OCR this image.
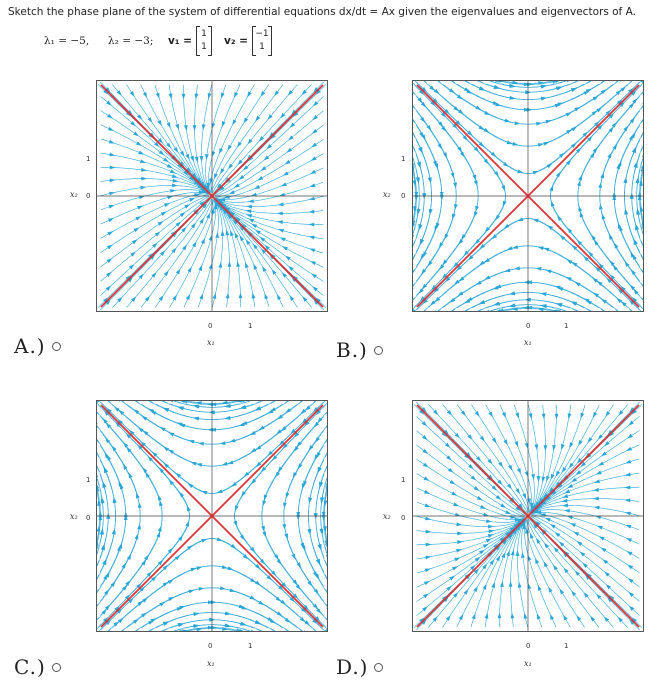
Sketch the phase plane of the system of differential equations dx/dt = Ax given the eigenvalues and eigenvectors of A.
λ₁ = −5, λ₂ = −3; v₁ =
1
1	v₂ =
−1
1
1
x₂ 0
0	1
x₁
1
x₂ 0
0	1
x₁
1
x₂ 0
0	1
x₁
1
x₂ 0
0	1
x₁
A.)	B.)
C.)	D.)
